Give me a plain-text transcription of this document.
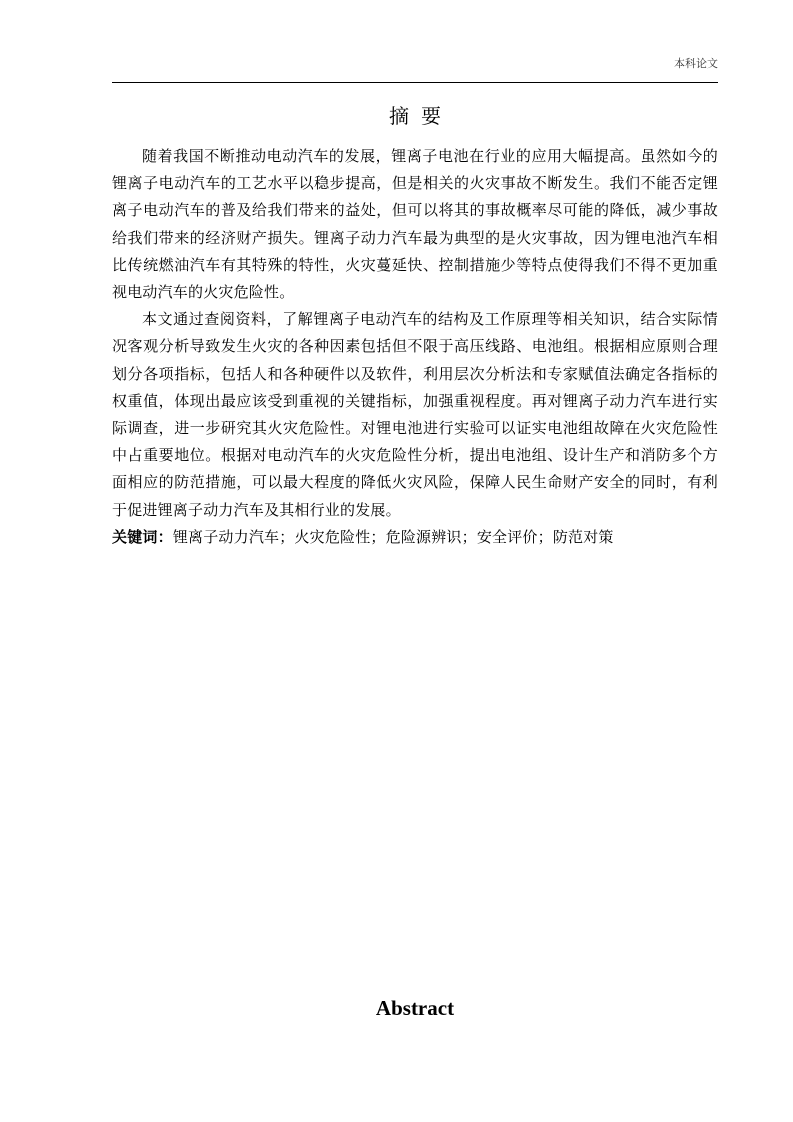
本科论文
摘要

随着我国不断推动电动汽车的发展，锂离子电池在行业的应用大幅提高。虽然如今的锂离子电动汽车的工艺水平以稳步提高，但是相关的火灾事故不断发生。我们不能否定锂离子电动汽车的普及给我们带来的益处，但可以将其的事故概率尽可能的降低，减少事故给我们带来的经济财产损失。锂离子动力汽车最为典型的是火灾事故，因为锂电池汽车相比传统燃油汽车有其特殊的特性，火灾蔓延快、控制措施少等特点使得我们不得不更加重视电动汽车的火灾危险性。

本文通过查阅资料，了解锂离子电动汽车的结构及工作原理等相关知识，结合实际情况客观分析导致发生火灾的各种因素包括但不限于高压线路、电池组。根据相应原则合理划分各项指标，包括人和各种硬件以及软件，利用层次分析法和专家赋值法确定各指标的权重值，体现出最应该受到重视的关键指标，加强重视程度。再对锂离子动力汽车进行实际调查，进一步研究其火灾危险性。对锂电池进行实验可以证实电池组故障在火灾危险性中占重要地位。根据对电动汽车的火灾危险性分析，提出电池组、设计生产和消防多个方面相应的防范措施，可以最大程度的降低火灾风险，保障人民生命财产安全的同时，有利于促进锂离子动力汽车及其相行业的发展。

关键词：锂离子动力汽车；火灾危险性；危险源辨识；安全评价；防范对策

Abstract
